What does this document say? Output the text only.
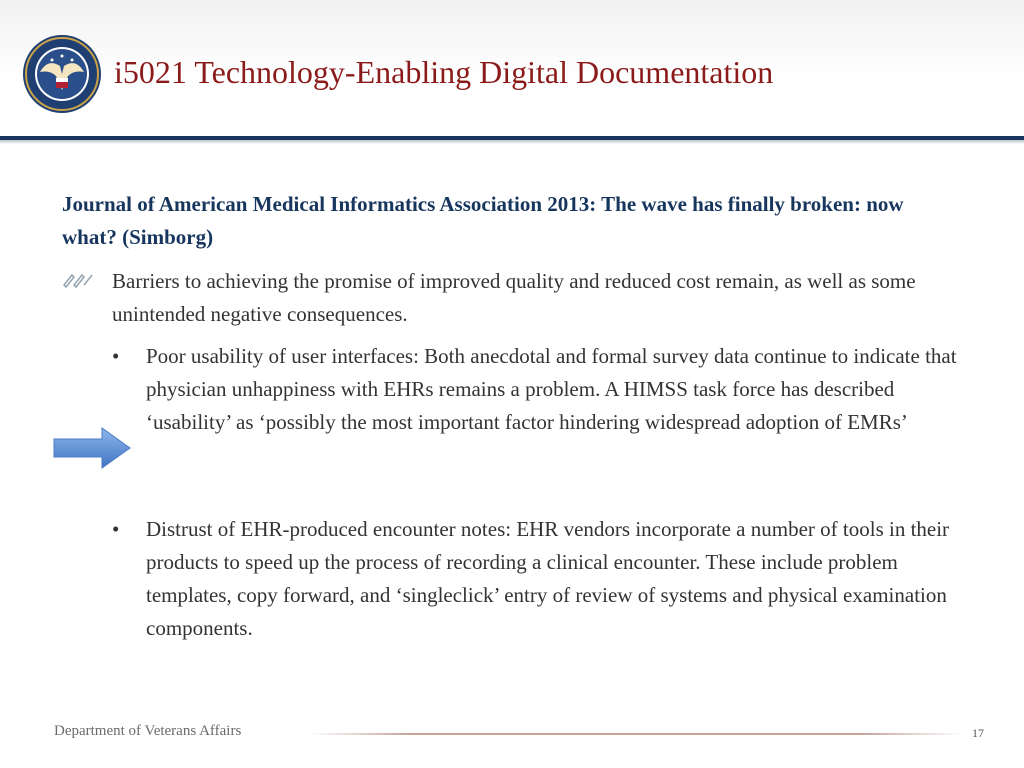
i5021 Technology-Enabling Digital Documentation
Journal of American Medical Informatics Association 2013: The wave has finally broken: now what? (Simborg)
Barriers to achieving the promise of improved quality and reduced cost remain, as well as some unintended negative consequences.
• Poor usability of user interfaces: Both anecdotal and formal survey data continue to indicate that physician unhappiness with EHRs remains a problem. A HIMSS task force has described ‘usability’ as ‘possibly the most important factor hindering widespread adoption of EMRs’
• Distrust of EHR-produced encounter notes: EHR vendors incorporate a number of tools in their products to speed up the process of recording a clinical encounter. These include problem templates, copy forward, and ‘singleclick’ entry of review of systems and physical examination components.
Department of Veterans Affairs	17
